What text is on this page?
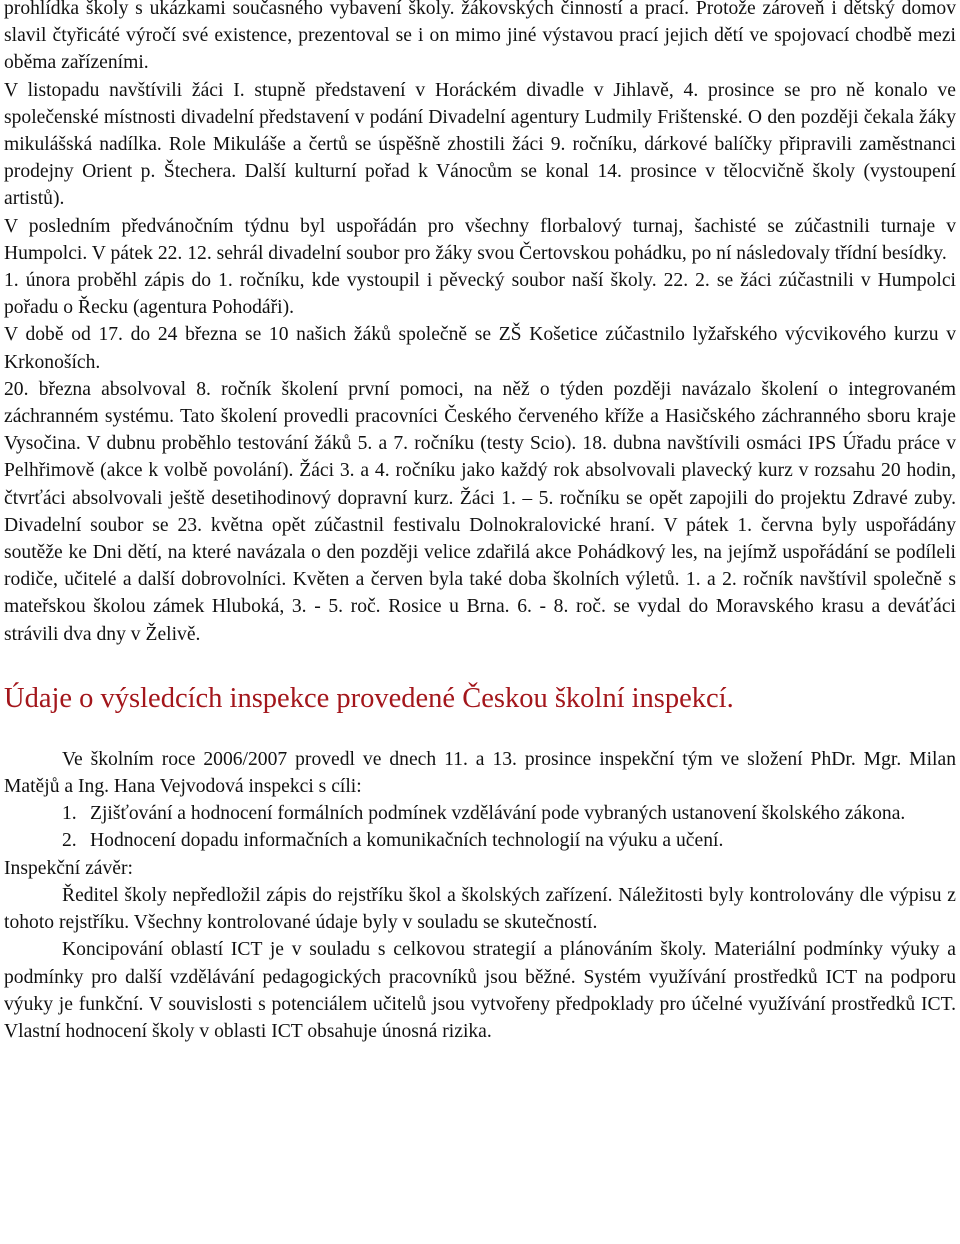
prohlídka školy s ukázkami současného vybavení školy. žákovských činností a prací. Protože zároveň i dětský domov slavil čtyřicáté výročí své existence, prezentoval se i on mimo jiné výstavou prací jejich dětí ve spojovací chodbě mezi oběma zařízeními.

V listopadu navštívili žáci I. stupně představení v Horáckém divadle v Jihlavě, 4. prosince se pro ně konalo ve společenské místnosti divadelní představení v podání Divadelní agentury Ludmily Frištenské. O den později čekala žáky mikulášská nadílka. Role Mikuláše a čertů se úspěšně zhostili žáci 9. ročníku, dárkové balíčky připravili zaměstnanci prodejny Orient p. Štechera. Další kulturní pořad k Vánocům se konal 14. prosince v tělocvičně školy (vystoupení artistů).

V posledním předvánočním týdnu byl uspořádán pro všechny florbalový turnaj, šachisté se zúčastnili turnaje v Humpolci. V pátek 22. 12. sehrál divadelní soubor pro žáky svou Čertovskou pohádku, po ní následovaly třídní besídky.

1. února proběhl zápis do 1. ročníku, kde vystoupil i pěvecký soubor naší školy. 22. 2. se žáci zúčastnili v Humpolci pořadu o Řecku (agentura Pohodáři).

V době od 17. do 24 března se 10 našich žáků společně se ZŠ Košetice zúčastnilo lyžařského výcvikového kurzu v Krkonoších.

20. března absolvoval 8. ročník školení první pomoci, na něž o týden později navázalo školení o integrovaném záchranném systému. Tato školení provedli pracovníci Českého červeného kříže a Hasičského záchranného sboru kraje Vysočina. V dubnu proběhlo testování žáků 5. a 7. ročníku (testy Scio). 18. dubna navštívili osmáci IPS Úřadu práce v Pelhřimově (akce k volbě povolání). Žáci 3. a 4. ročníku jako každý rok absolvovali plavecký kurz v rozsahu 20 hodin, čtvrťáci absolvovali ještě desetihodinový dopravní kurz. Žáci 1. – 5. ročníku se opět zapojili do projektu Zdravé zuby. Divadelní soubor se 23. května opět zúčastnil festivalu Dolnokralovické hraní. V pátek 1. června byly uspořádány soutěže ke Dni dětí, na které navázala o den později velice zdařilá akce Pohádkový les, na jejímž uspořádání se podíleli rodiče, učitelé a další dobrovolníci. Květen a červen byla také doba školních výletů. 1. a 2. ročník navštívil společně s mateřskou školou zámek Hluboká, 3. - 5. roč. Rosice u Brna. 6. - 8. roč. se vydal do Moravského krasu a deváťáci strávili dva dny v Želivě.

Údaje o výsledcích inspekce provedené Českou školní inspekcí.

Ve školním roce 2006/2007 provedl ve dnech 11. a 13. prosince inspekční tým ve složení PhDr. Mgr. Milan Matějů a Ing. Hana Vejvodová inspekci s cíli:

1. Zjišťování a hodnocení formálních podmínek vzdělávání pode vybraných ustanovení školského zákona.
2. Hodnocení dopadu informačních a komunikačních technologií na výuku a učení.

Inspekční závěr:

Ředitel školy nepředložil zápis do rejstříku škol a školských zařízení. Náležitosti byly kontrolovány dle výpisu z tohoto rejstříku. Všechny kontrolované údaje byly v souladu se skutečností.

Koncipování oblastí ICT je v souladu s celkovou strategií a plánováním školy. Materiální podmínky výuky a podmínky pro další vzdělávání pedagogických pracovníků jsou běžné. Systém využívání prostředků ICT na podporu výuky je funkční. V souvislosti s potenciálem učitelů jsou vytvořeny předpoklady pro účelné využívání prostředků ICT. Vlastní hodnocení školy v oblasti ICT obsahuje únosná rizika.
